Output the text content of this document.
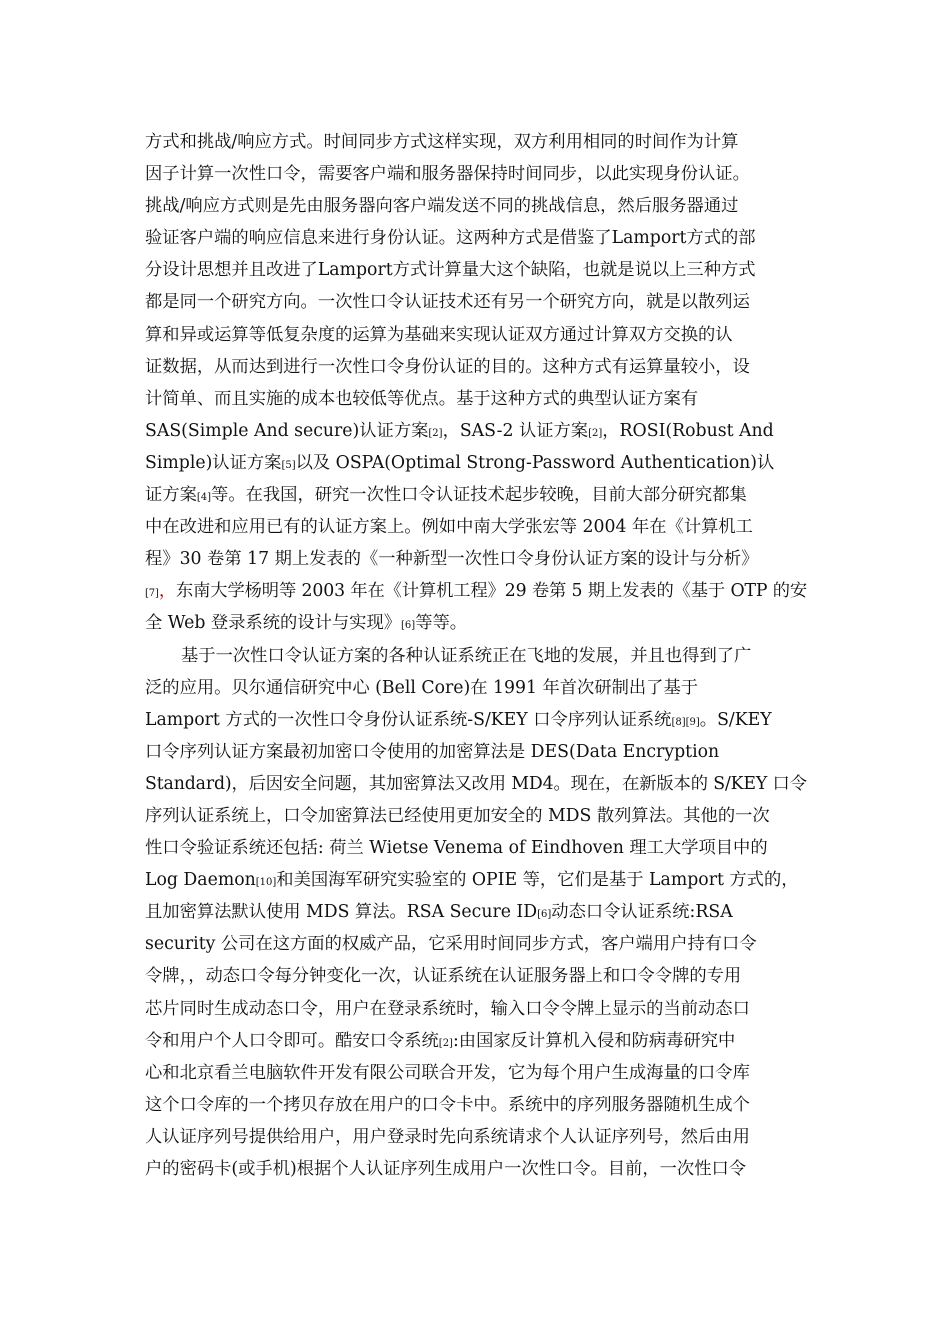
方式和挑战/响应方式。时间同步方式这样实现，双方利用相同的时间作为计算
因子计算一次性口令，需要客户端和服务器保持时间同步，以此实现身份认证。
挑战/响应方式则是先由服务器向客户端发送不同的挑战信息，然后服务器通过
验证客户端的响应信息来进行身份认证。这两种方式是借鉴了Lamport方式的部
分设计思想并且改进了Lamport方式计算量大这个缺陷，也就是说以上三种方式
都是同一个研究方向。一次性口令认证技术还有另一个研究方向，就是以散列运
算和异或运算等低复杂度的运算为基础来实现认证双方通过计算双方交换的认
证数据，从而达到进行一次性口令身份认证的目的。这种方式有运算量较小，设
计简单、而且实施的成本也较低等优点。基于这种方式的典型认证方案有
SAS(Simple And secure)认证方案 [2] ，SAS-2 认证方案 [2] ，ROSI(Robust And
Simple)认证方案 [5] 以及 OSPA(Optimal Strong-Password Authentication)认
证方案 [4] 等。在我国，研究一次性口令认证技术起步较晚，目前大部分研究都集
中在改进和应用已有的认证方案上。例如中南大学张宏等 2004 年在《计算机工
程》30 卷第 17 期上发表的《一种新型一次性口令身份认证方案的设计与分析》
[7] ， 东南大学杨明等 2003 年在《计算机工程》29 卷第 5 期上发表的《基于 OTP 的安
全 Web 登录系统的设计与实现》 [6] 等等。
基于一次性口令认证方案的各种认证系统正在飞地的发展，并且也得到了广
泛的应用。贝尔通信研究中心 (Bell Core)在 1991 年首次研制出了基于
Lamport 方式的一次性口令身份认证系统-S/KEY 口令序列认证系统 [8][9] 。S/KEY
口令序列认证方案最初加密口令使用的加密算法是 DES(Data Encryption
Standard)，后因安全问题，其加密算法又改用 MD4。现在，在新版本的 S/KEY 口令
序列认证系统上，口令加密算法已经使用更加安全的 MDS 散列算法。其他的一次
性口令验证系统还包括: 荷兰 Wietse Venema of Eindhoven 理工大学项目中的
Log Daemon [10] 和美国海军研究实验室的 OPIE 等，它们是基于 Lamport 方式的，
且加密算法默认使用 MDS 算法。RSA Secure ID [6] 动态口令认证系统:RSA
security 公司在这方面的权威产品，它采用时间同步方式，客户端用户持有口令
令牌，，动态口令每分钟变化一次，认证系统在认证服务器上和口令令牌的专用
芯片同时生成动态口令，用户在登录系统时，输入口令令牌上显示的当前动态口
令和用户个人口令即可。酷安口令系统 [2] :由国家反计算机入侵和防病毒研究中
心和北京看兰电脑软件开发有限公司联合开发，它为每个用户生成海量的口令库
这个口令库的一个拷贝存放在用户的口令卡中。系统中的序列服务器随机生成个
人认证序列号提供给用户，用户登录时先向系统请求个人认证序列号，然后由用
户的密码卡(或手机)根据个人认证序列生成用户一次性口令。目前，一次性口令
